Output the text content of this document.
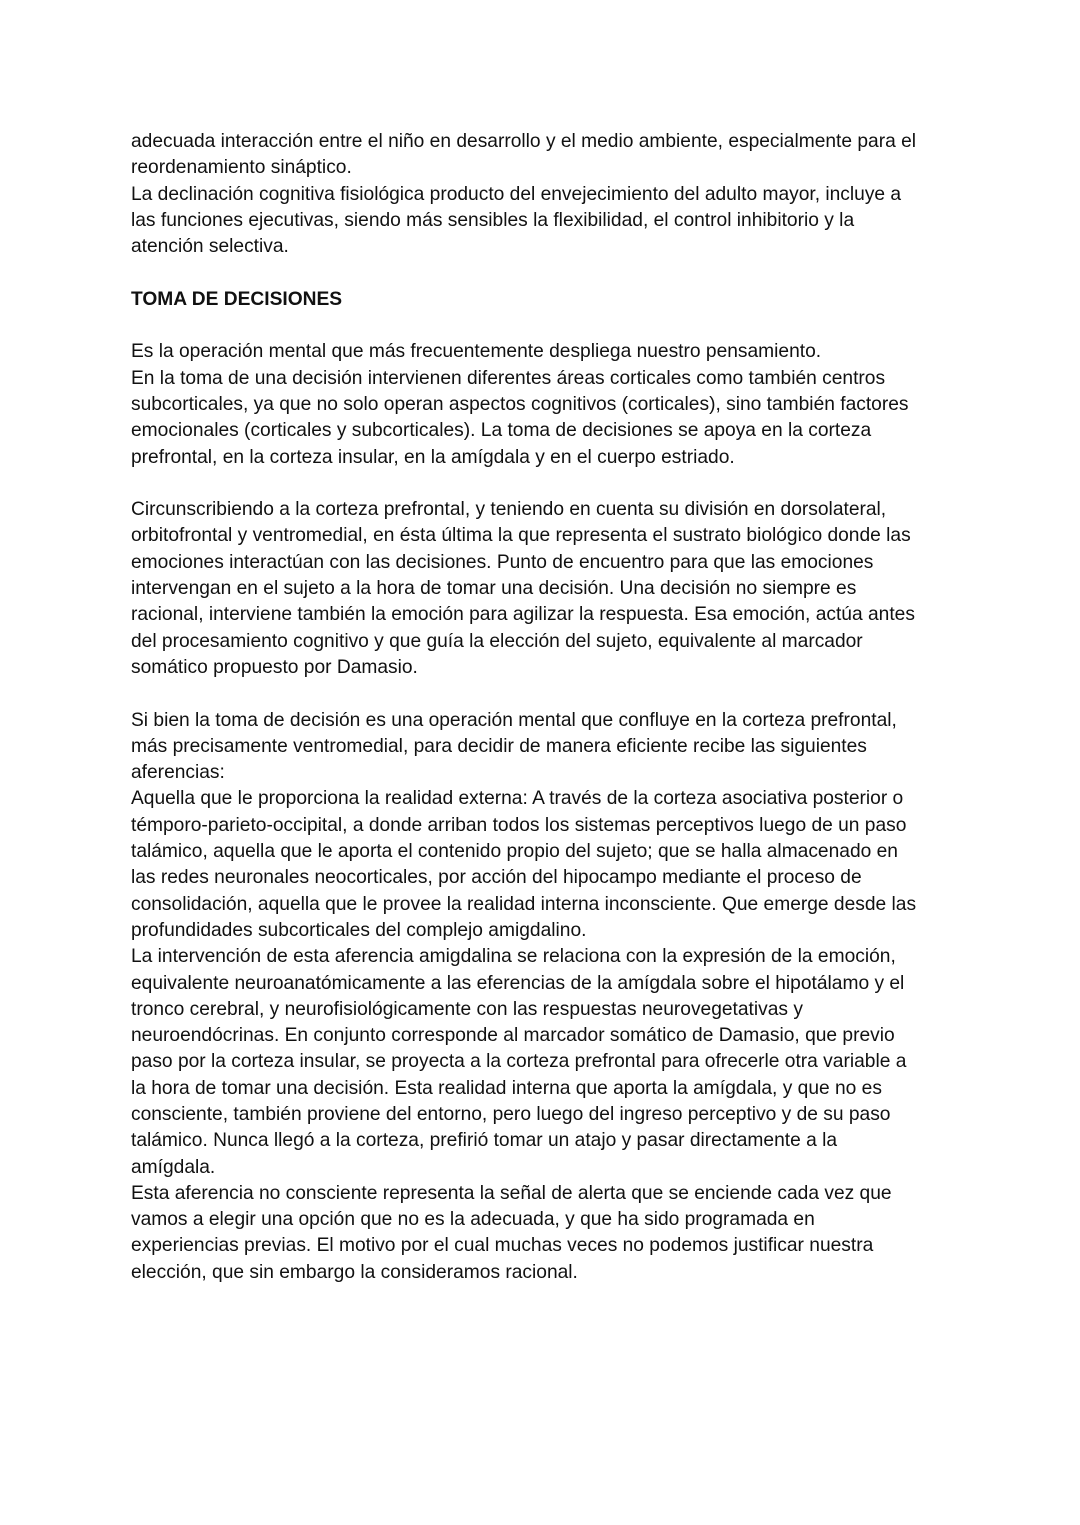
adecuada interacción entre el niño en desarrollo y el medio ambiente, especialmente para el

reordenamiento sináptico.

La declinación cognitiva fisiológica producto del envejecimiento del adulto mayor, incluye a

las funciones ejecutivas, siendo más sensibles la flexibilidad, el control inhibitorio y la

atención selectiva.

TOMA DE DECISIONES

Es la operación mental que más frecuentemente despliega nuestro pensamiento.

En la toma de una decisión intervienen diferentes áreas corticales como también centros

subcorticales, ya que no solo operan aspectos cognitivos (corticales), sino también factores

emocionales (corticales y subcorticales). La toma de decisiones se apoya en la corteza

prefrontal, en la corteza insular, en la amígdala y en el cuerpo estriado.

Circunscribiendo a la corteza prefrontal, y teniendo en cuenta su división en dorsolateral,

orbitofrontal y ventromedial, en ésta última la que representa el sustrato biológico donde las

emociones interactúan con las decisiones. Punto de encuentro para que las emociones

intervengan en el sujeto a la hora de tomar una decisión. Una decisión no siempre es

racional, interviene también la emoción para agilizar la respuesta. Esa emoción, actúa antes

del procesamiento cognitivo y que guía la elección del sujeto, equivalente al marcador

somático propuesto por Damasio.

Si bien la toma de decisión es una operación mental que confluye en la corteza prefrontal,

más precisamente ventromedial, para decidir de manera eficiente recibe las siguientes

aferencias:

Aquella que le proporciona la realidad externa: A través de la corteza asociativa posterior o

témporo-parieto-occipital, a donde arriban todos los sistemas perceptivos luego de un paso

talámico, aquella que le aporta el contenido propio del sujeto; que se halla almacenado en

las redes neuronales neocorticales, por acción del hipocampo mediante el proceso de

consolidación, aquella que le provee la realidad interna inconsciente. Que emerge desde las

profundidades subcorticales del complejo amigdalino.

La intervención de esta aferencia amigdalina se relaciona con la expresión de la emoción,

equivalente neuroanatómicamente a las eferencias de la amígdala sobre el hipotálamo y el

tronco cerebral, y neurofisiológicamente con las respuestas neurovegetativas y

neuroendócrinas. En conjunto corresponde al marcador somático de Damasio, que previo

paso por la corteza insular, se proyecta a la corteza prefrontal para ofrecerle otra variable a

la hora de tomar una decisión. Esta realidad interna que aporta la amígdala, y que no es

consciente, también proviene del entorno, pero luego del ingreso perceptivo y de su paso

talámico. Nunca llegó a la corteza, prefirió tomar un atajo y pasar directamente a la

amígdala.

Esta aferencia no consciente representa la señal de alerta que se enciende cada vez que

vamos a elegir una opción que no es la adecuada, y que ha sido programada en

experiencias previas. El motivo por el cual muchas veces no podemos justificar nuestra

elección, que sin embargo la consideramos racional.
